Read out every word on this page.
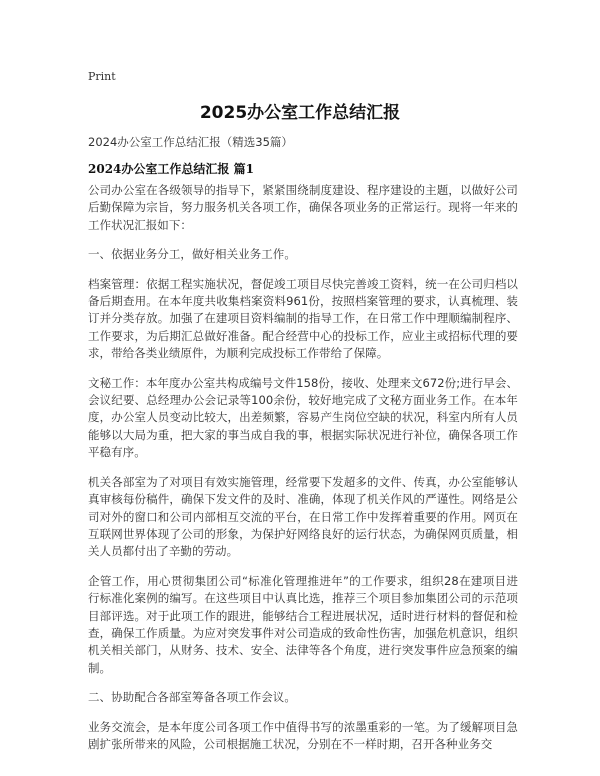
Print
2025办公室工作总结汇报
2024办公室工作总结汇报（精选35篇）
2024办公室工作总结汇报 篇1

公司办公室在各级领导的指导下，紧紧围绕制度建设、程序建设的主题，以做好公司后勤保障为宗旨，努力服务机关各项工作，确保各项业务的正常运行。现将一年来的工作状况汇报如下：

一、依据业务分工，做好相关业务工作。

档案管理：依据工程实施状况，督促竣工项目尽快完善竣工资料，统一在公司归档以备后期查用。在本年度共收集档案资料961份，按照档案管理的要求，认真梳理、装订并分类存放。加强了在建项目资料编制的指导工作，在日常工作中理顺编制程序、工作要求，为后期汇总做好准备。配合经营中心的投标工作，应业主或招标代理的要求，带给各类业绩原件，为顺利完成投标工作带给了保障。

文秘工作：本年度办公室共构成编号文件158份，接收、处理来文672份;进行早会、会议纪要、总经理办公会记录等100余份，较好地完成了文秘方面业务工作。在本年度，办公室人员变动比较大，出差频繁，容易产生岗位空缺的状况，科室内所有人员能够以大局为重，把大家的事当成自我的事，根据实际状况进行补位，确保各项工作平稳有序。

机关各部室为了对项目有效实施管理，经常要下发超多的文件、传真，办公室能够认真审核每份稿件，确保下发文件的及时、准确，体现了机关作风的严谨性。网络是公司对外的窗口和公司内部相互交流的平台，在日常工作中发挥着重要的作用。网页在互联网世界体现了公司的形象，为保护好网络良好的运行状态，为确保网页质量，相关人员都付出了辛勤的劳动。

企管工作，用心贯彻集团公司“标准化管理推进年”的工作要求，组织28在建项目进行标准化案例的编写。在这些项目中认真比选，推荐三个项目参加集团公司的示范项目部评选。对于此项工作的跟进，能够结合工程进展状况，适时进行材料的督促和检查，确保工作质量。为应对突发事件对公司造成的致命性伤害，加强危机意识，组织机关相关部门，从财务、技术、安全、法律等各个角度，进行突发事件应急预案的编制。

二、协助配合各部室筹备各项工作会议。

业务交流会，是本年度公司各项工作中值得书写的浓墨重彩的一笔。为了缓解项目急剧扩张所带来的风险，公司根据施工状况，分别在不一样时期，召开各种业务交
